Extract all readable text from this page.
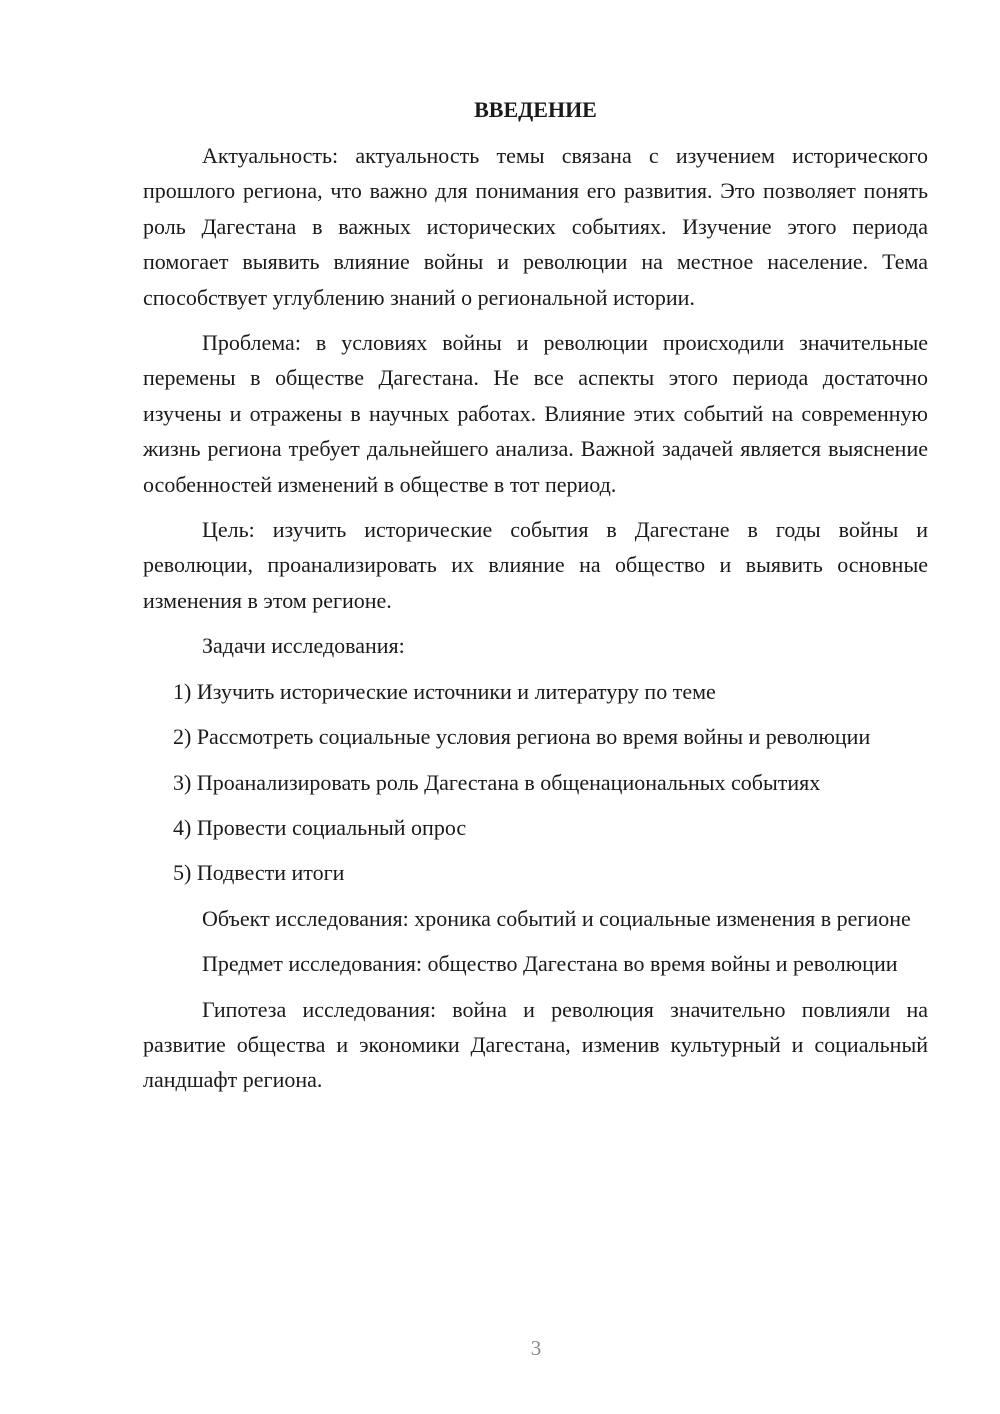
ВВЕДЕНИЕ

Актуальность: актуальность темы связана с изучением исторического прошлого региона, что важно для понимания его развития. Это позволяет понять роль Дагестана в важных исторических событиях. Изучение этого периода помогает выявить влияние войны и революции на местное население. Тема способствует углублению знаний о региональной истории.

Проблема: в условиях войны и революции происходили значительные перемены в обществе Дагестана. Не все аспекты этого периода достаточно изучены и отражены в научных работах. Влияние этих событий на современную жизнь региона требует дальнейшего анализа. Важной задачей является выяснение особенностей изменений в обществе в тот период.

Цель: изучить исторические события в Дагестане в годы войны и революции, проанализировать их влияние на общество и выявить основные изменения в этом регионе.

Задачи исследования:

1) Изучить исторические источники и литературу по теме

2) Рассмотреть социальные условия региона во время войны и революции

3) Проанализировать роль Дагестана в общенациональных событиях

4) Провести социальный опрос

5) Подвести итоги

Объект исследования: хроника событий и социальные изменения в регионе

Предмет исследования: общество Дагестана во время войны и революции

Гипотеза исследования: война и революция значительно повлияли на развитие общества и экономики Дагестана, изменив культурный и социальный ландшафт региона.

3
